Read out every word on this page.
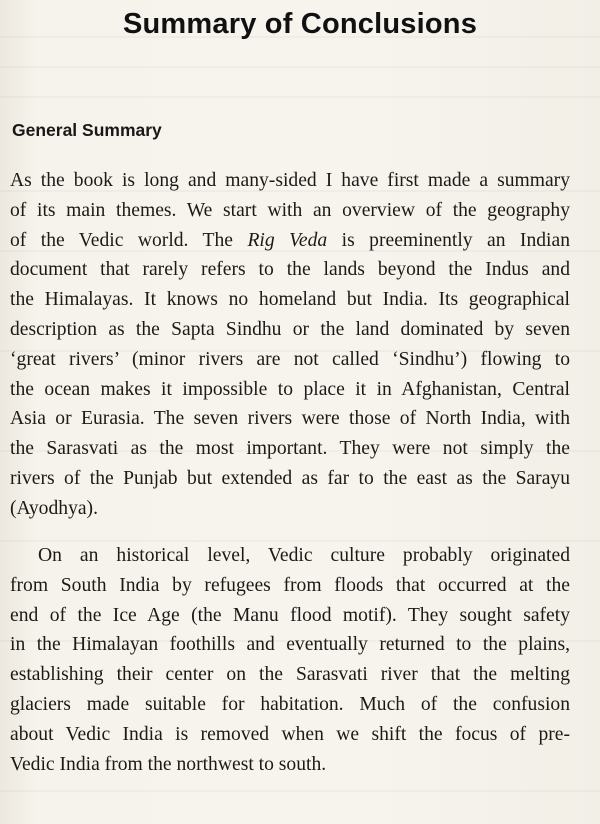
Summary of Conclusions
General Summary
As the book is long and many-sided I have first made a summary
of its main themes. We start with an overview of the geography
of the Vedic world. The Rig Veda is preeminently an Indian
document that rarely refers to the lands beyond the Indus and
the Himalayas. It knows no homeland but India. Its geographical
description as the Sapta Sindhu or the land dominated by seven
‘great rivers’ (minor rivers are not called ‘Sindhu’) flowing to
the ocean makes it impossible to place it in Afghanistan, Central
Asia or Eurasia. The seven rivers were those of North India, with
the Sarasvati as the most important. They were not simply the
rivers of the Punjab but extended as far to the east as the Sarayu
(Ayodhya).
On an historical level, Vedic culture probably originated
from South India by refugees from floods that occurred at the
end of the Ice Age (the Manu flood motif). They sought safety
in the Himalayan foothills and eventually returned to the plains,
establishing their center on the Sarasvati river that the melting
glaciers made suitable for habitation. Much of the confusion
about Vedic India is removed when we shift the focus of pre-
Vedic India from the northwest to south.
